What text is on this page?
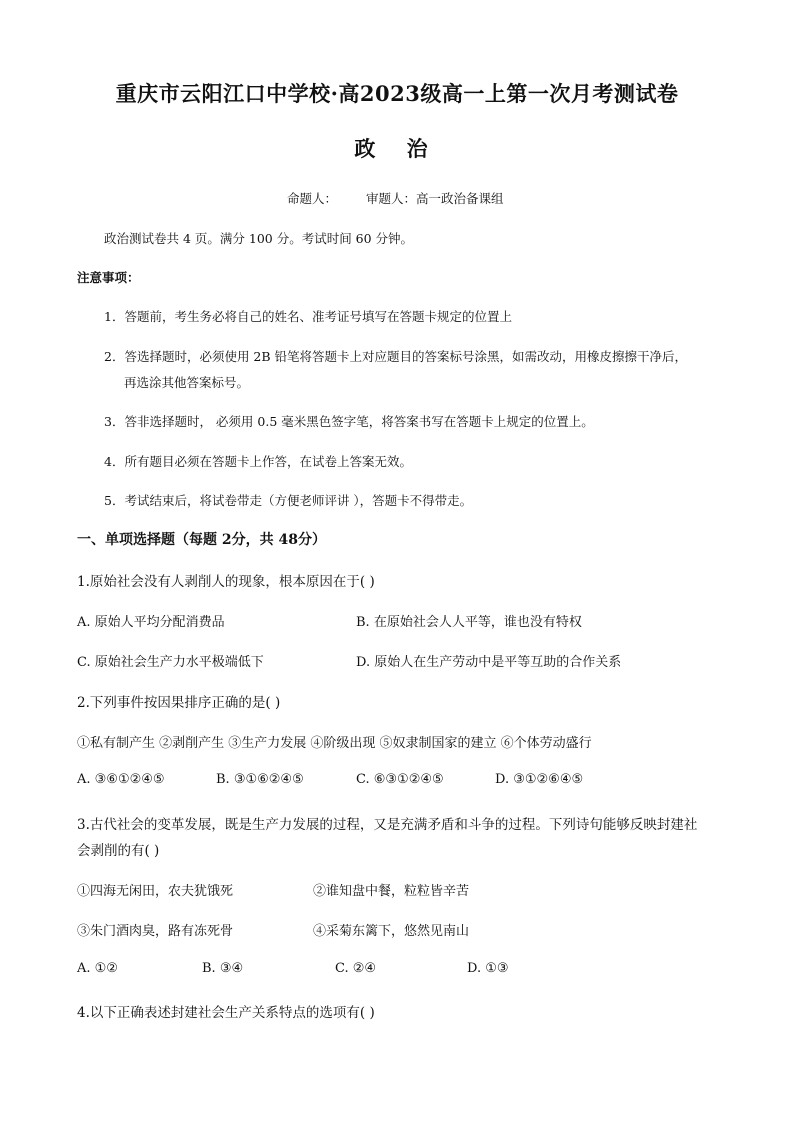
重庆市云阳江口中学校·高2023级高一上第一次月考测试卷
政 治
命题人： 审题人：高一政治备课组
政治测试卷共 4 页。满分 100 分。考试时间 60 分钟。
注意事项：
1．答题前，考生务必将自己的姓名、准考证号填写在答题卡规定的位置上
2．答选择题时，必须使用 2B 铅笔将答题卡上对应题目的答案标号涂黑，如需改动，用橡皮擦擦干净后，
再选涂其他答案标号。
3．答非选择题时， 必须用 0.5 毫米黑色签字笔，将答案书写在答题卡上规定的位置上。
4．所有题目必须在答题卡上作答，在试卷上答案无效。
5．考试结束后，将试卷带走（方便老师评讲 ），答题卡不得带走。
一、单项选择题（每题 2分，共 48分）
1.原始社会没有人剥削人的现象，根本原因在于( )
A. 原始人平均分配消费品	B. 在原始社会人人平等，谁也没有特权
C. 原始社会生产力水平极端低下	D. 原始人在生产劳动中是平等互助的合作关系
2.下列事件按因果排序正确的是( )
①私有制产生 ②剥削产生 ③生产力发展 ④阶级出现 ⑤奴隶制国家的建立 ⑥个体劳动盛行
A. ③⑥①②④⑤	B. ③①⑥②④⑤	C. ⑥③①②④⑤	D. ③①②⑥④⑤
3.古代社会的变革发展，既是生产力发展的过程，又是充满矛盾和斗争的过程。下列诗句能够反映封建社
会剥削的有( )
①四海无闲田，农夫犹饿死	②谁知盘中餐，粒粒皆辛苦
③朱门酒肉臭，路有冻死骨	④采菊东篱下，悠然见南山
A. ①②	B. ③④	C. ②④	D. ①③
4.以下正确表述封建社会生产关系特点的选项有( )
